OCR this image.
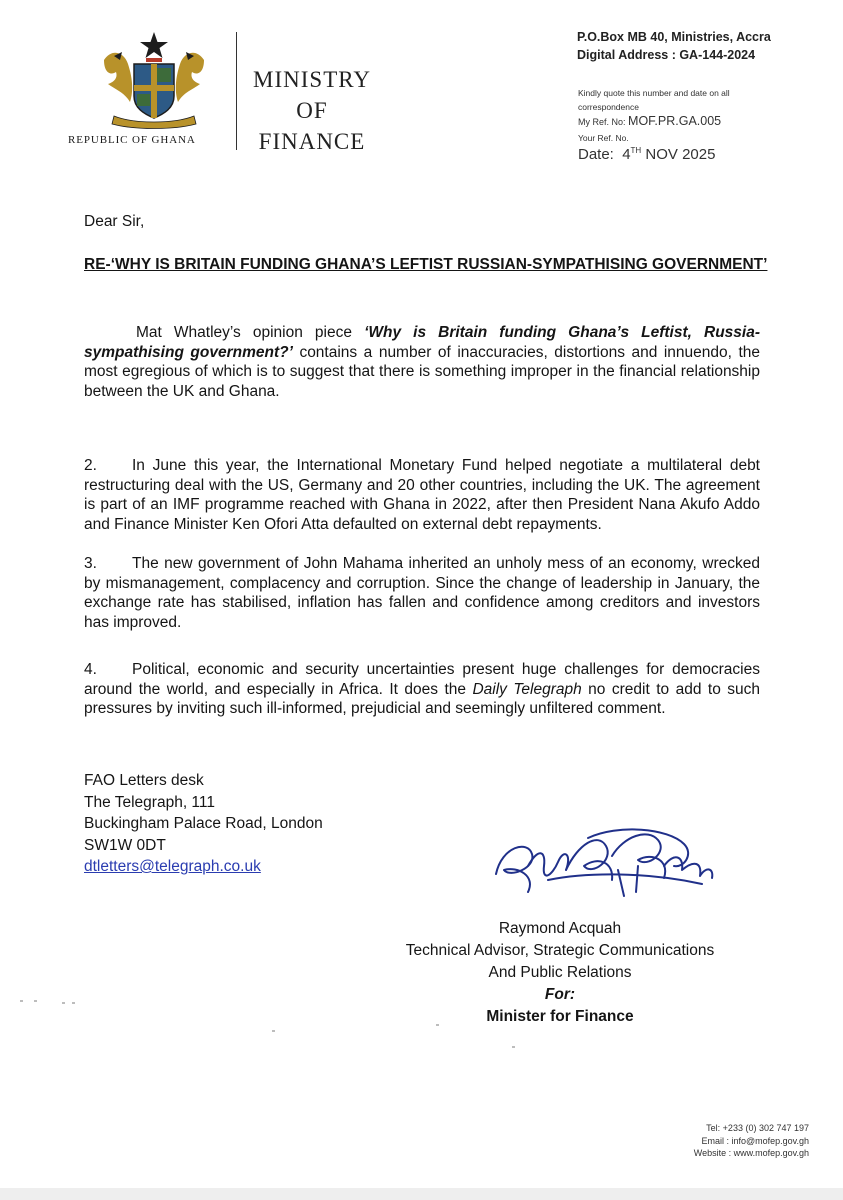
REPUBLIC OF GHANA
MINISTRY
OF
FINANCE
P.O.Box MB 40, Ministries, Accra
Digital Address : GA-144-2024
Kindly quote this number and date on all
correspondence
My Ref. No: MOF.PR.GA.005
Your Ref. No.
Date: 4TH NOV 2025
Dear Sir,
RE-‘WHY IS BRITAIN FUNDING GHANA’S LEFTIST RUSSIAN-SYMPATHISING GOVERNMENT’
Mat Whatley’s opinion piece ‘Why is Britain funding Ghana’s Leftist, Russia-sympathising government?’ contains a number of inaccuracies, distortions and innuendo, the most egregious of which is to suggest that there is something improper in the financial relationship between the UK and Ghana.
2. In June this year, the International Monetary Fund helped negotiate a multilateral debt restructuring deal with the US, Germany and 20 other countries, including the UK. The agreement is part of an IMF programme reached with Ghana in 2022, after then President Nana Akufo Addo and Finance Minister Ken Ofori Atta defaulted on external debt repayments.
3. The new government of John Mahama inherited an unholy mess of an economy, wrecked by mismanagement, complacency and corruption. Since the change of leadership in January, the exchange rate has stabilised, inflation has fallen and confidence among creditors and investors has improved.
4. Political, economic and security uncertainties present huge challenges for democracies around the world, and especially in Africa. It does the Daily Telegraph no credit to add to such pressures by inviting such ill-informed, prejudicial and seemingly unfiltered comment.
FAO Letters desk
The Telegraph, 111
Buckingham Palace Road, London
SW1W 0DT
dtletters@telegraph.co.uk
Raymond Acquah
Technical Advisor, Strategic Communications
And Public Relations
For:
Minister for Finance
Tel: +233 (0) 302 747 197
Email : info@mofep.gov.gh
Website : www.mofep.gov.gh
